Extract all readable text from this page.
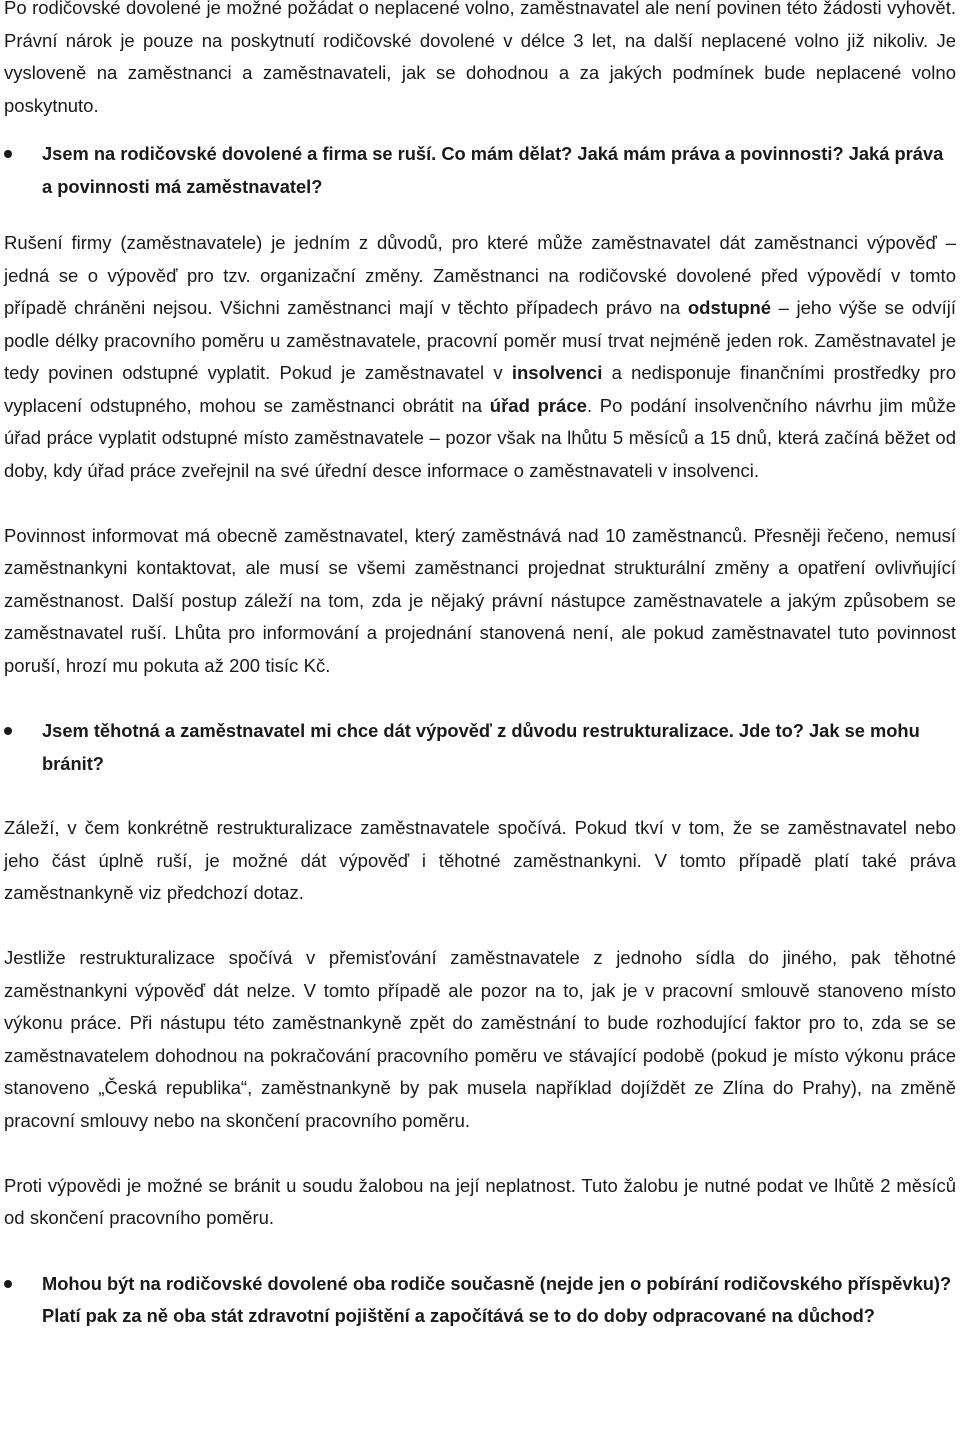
Po rodičovské dovolené je možné požádat o neplacené volno, zaměstnavatel ale není povinen této žádosti vyhovět. Právní nárok je pouze na poskytnutí rodičovské dovolené v délce 3 let, na další neplacené volno již nikoliv. Je vysloveně na zaměstnanci a zaměstnavateli, jak se dohodnou a za jakých podmínek bude neplacené volno poskytnuto.

Jsem na rodičovské dovolené a firma se ruší. Co mám dělat? Jaká mám práva a povinnosti? Jaká práva a povinnosti má zaměstnavatel?

Rušení firmy (zaměstnavatele) je jedním z důvodů, pro které může zaměstnavatel dát zaměstnanci výpověď – jedná se o výpověď pro tzv. organizační změny. Zaměstnanci na rodičovské dovolené před výpovědí v tomto případě chráněni nejsou. Všichni zaměstnanci mají v těchto případech právo na odstupné – jeho výše se odvíjí podle délky pracovního poměru u zaměstnavatele, pracovní poměr musí trvat nejméně jeden rok. Zaměstnavatel je tedy povinen odstupné vyplatit. Pokud je zaměstnavatel v insolvenci a nedisponuje finančními prostředky pro vyplacení odstupného, mohou se zaměstnanci obrátit na úřad práce. Po podání insolvenčního návrhu jim může úřad práce vyplatit odstupné místo zaměstnavatele – pozor však na lhůtu 5 měsíců a 15 dnů, která začíná běžet od doby, kdy úřad práce zveřejnil na své úřední desce informace o zaměstnavateli v insolvenci.

Povinnost informovat má obecně zaměstnavatel, který zaměstnává nad 10 zaměstnanců. Přesněji řečeno, nemusí zaměstnankyni kontaktovat, ale musí se všemi zaměstnanci projednat strukturální změny a opatření ovlivňující zaměstnanost. Další postup záleží na tom, zda je nějaký právní nástupce zaměstnavatele a jakým způsobem se zaměstnavatel ruší. Lhůta pro informování a projednání stanovená není, ale pokud zaměstnavatel tuto povinnost poruší, hrozí mu pokuta až 200 tisíc Kč.

Jsem těhotná a zaměstnavatel mi chce dát výpověď z důvodu restrukturalizace. Jde to? Jak se mohu bránit?

Záleží, v čem konkrétně restrukturalizace zaměstnavatele spočívá. Pokud tkví v tom, že se zaměstnavatel nebo jeho část úplně ruší, je možné dát výpověď i těhotné zaměstnankyni. V tomto případě platí také práva zaměstnankyně viz předchozí dotaz.

Jestliže restrukturalizace spočívá v přemisťování zaměstnavatele z jednoho sídla do jiného, pak těhotné zaměstnankyni výpověď dát nelze. V tomto případě ale pozor na to, jak je v pracovní smlouvě stanoveno místo výkonu práce. Při nástupu této zaměstnankyně zpět do zaměstnání to bude rozhodující faktor pro to, zda se se zaměstnavatelem dohodnou na pokračování pracovního poměru ve stávající podobě (pokud je místo výkonu práce stanoveno „Česká republika“, zaměstnankyně by pak musela například dojíždět ze Zlína do Prahy), na změně pracovní smlouvy nebo na skončení pracovního poměru.

Proti výpovědi je možné se bránit u soudu žalobou na její neplatnost. Tuto žalobu je nutné podat ve lhůtě 2 měsíců od skončení pracovního poměru.

Mohou být na rodičovské dovolené oba rodiče současně (nejde jen o pobírání rodičovského příspěvku)? Platí pak za ně oba stát zdravotní pojištění a započítává se to do doby odpracované na důchod?
